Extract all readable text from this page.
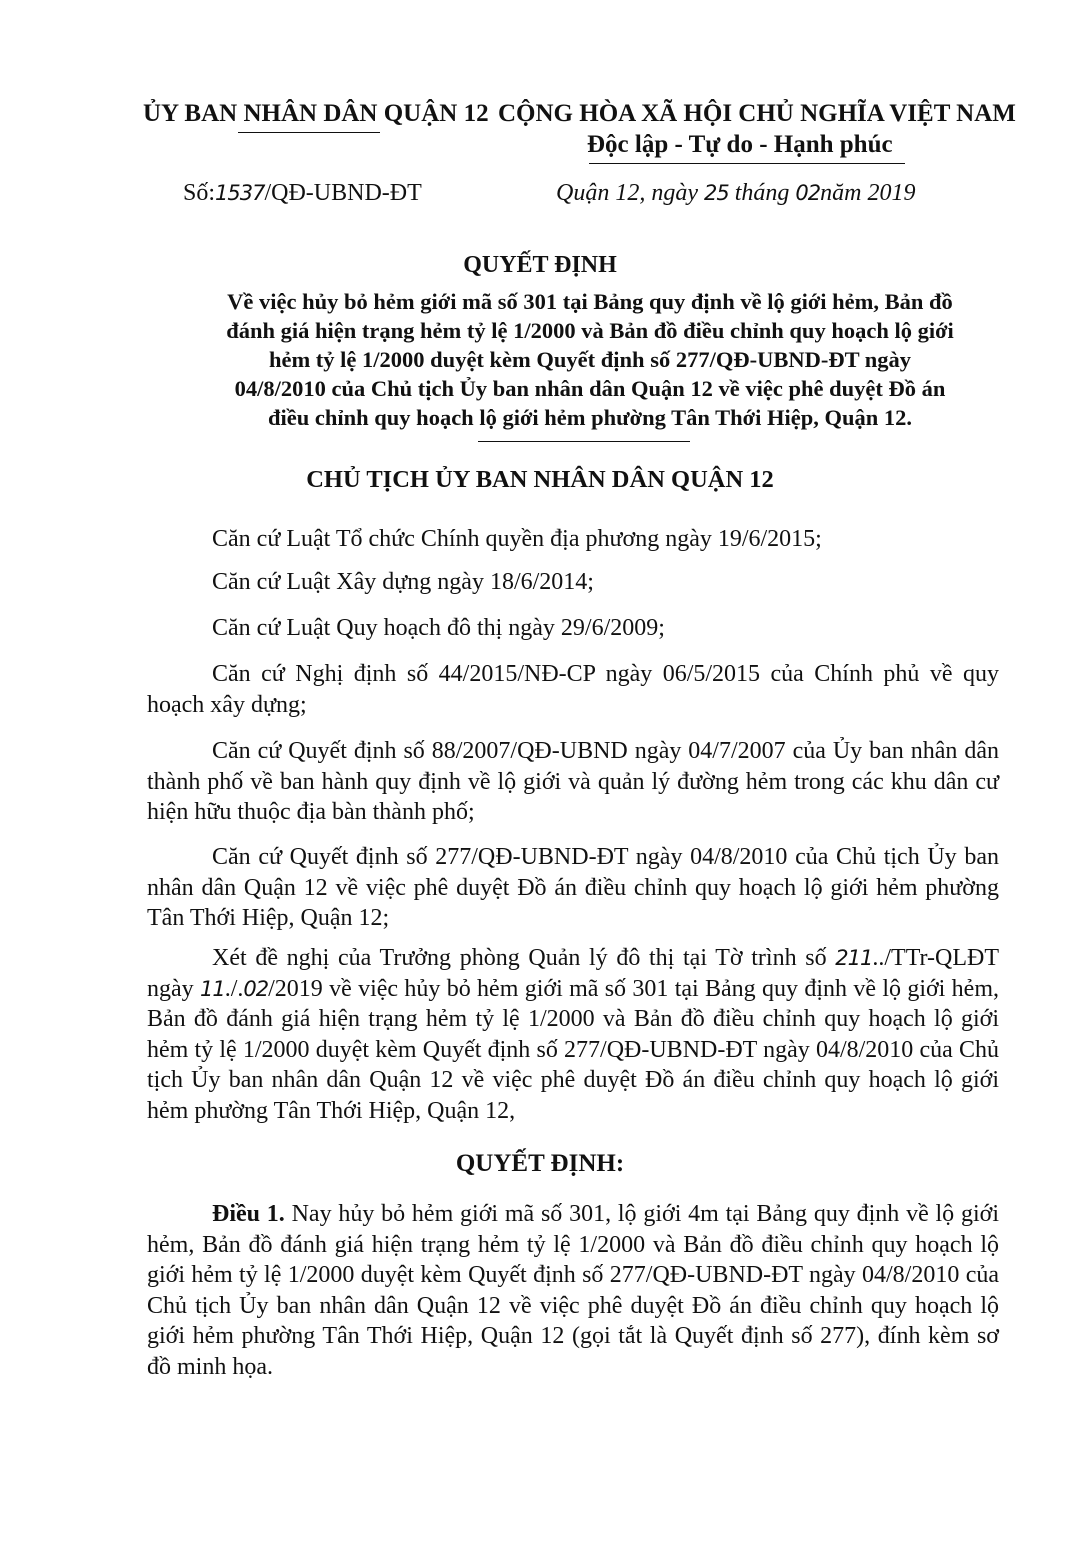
ỦY BAN NHÂN DÂN QUẬN 12 CỘNG HÒA XÃ HỘI CHỦ NGHĨA VIỆT NAM
Độc lập - Tự do - Hạnh phúc
Số:1537/QĐ-UBND-ĐT	Quận 12, ngày 25 tháng 02năm 2019
QUYẾT ĐỊNH
Về việc hủy bỏ hẻm giới mã số 301 tại Bảng quy định về lộ giới hẻm, Bản đồ
đánh giá hiện trạng hẻm tỷ lệ 1/2000 và Bản đồ điều chỉnh quy hoạch lộ giới
hẻm tỷ lệ 1/2000 duyệt kèm Quyết định số 277/QĐ-UBND-ĐT ngày
04/8/2010 của Chủ tịch Ủy ban nhân dân Quận 12 về việc phê duyệt Đồ án
điều chỉnh quy hoạch lộ giới hẻm phường Tân Thới Hiệp, Quận 12.
CHỦ TỊCH ỦY BAN NHÂN DÂN QUẬN 12
Căn cứ Luật Tổ chức Chính quyền địa phương ngày 19/6/2015;
Căn cứ Luật Xây dựng ngày 18/6/2014;
Căn cứ Luật Quy hoạch đô thị ngày 29/6/2009;
Căn cứ Nghị định số 44/2015/NĐ-CP ngày 06/5/2015 của Chính phủ về quy hoạch xây dựng;
Căn cứ Quyết định số 88/2007/QĐ-UBND ngày 04/7/2007 của Ủy ban nhân dân thành phố về ban hành quy định về lộ giới và quản lý đường hẻm trong các khu dân cư hiện hữu thuộc địa bàn thành phố;
Căn cứ Quyết định số 277/QĐ-UBND-ĐT ngày 04/8/2010 của Chủ tịch Ủy ban nhân dân Quận 12 về việc phê duyệt Đồ án điều chỉnh quy hoạch lộ giới hẻm phường Tân Thới Hiệp, Quận 12;
Xét đề nghị của Trưởng phòng Quản lý đô thị tại Tờ trình số 211../TTr-QLĐT ngày 11./.02/2019 về việc hủy bỏ hẻm giới mã số 301 tại Bảng quy định về lộ giới hẻm, Bản đồ đánh giá hiện trạng hẻm tỷ lệ 1/2000 và Bản đồ điều chỉnh quy hoạch lộ giới hẻm tỷ lệ 1/2000 duyệt kèm Quyết định số 277/QĐ-UBND-ĐT ngày 04/8/2010 của Chủ tịch Ủy ban nhân dân Quận 12 về việc phê duyệt Đồ án điều chỉnh quy hoạch lộ giới hẻm phường Tân Thới Hiệp, Quận 12,
QUYẾT ĐỊNH:
Điều 1. Nay hủy bỏ hẻm giới mã số 301, lộ giới 4m tại Bảng quy định về lộ giới hẻm, Bản đồ đánh giá hiện trạng hẻm tỷ lệ 1/2000 và Bản đồ điều chỉnh quy hoạch lộ giới hẻm tỷ lệ 1/2000 duyệt kèm Quyết định số 277/QĐ-UBND-ĐT ngày 04/8/2010 của Chủ tịch Ủy ban nhân dân Quận 12 về việc phê duyệt Đồ án điều chỉnh quy hoạch lộ giới hẻm phường Tân Thới Hiệp, Quận 12 (gọi tắt là Quyết định số 277), đính kèm sơ đồ minh họa.
